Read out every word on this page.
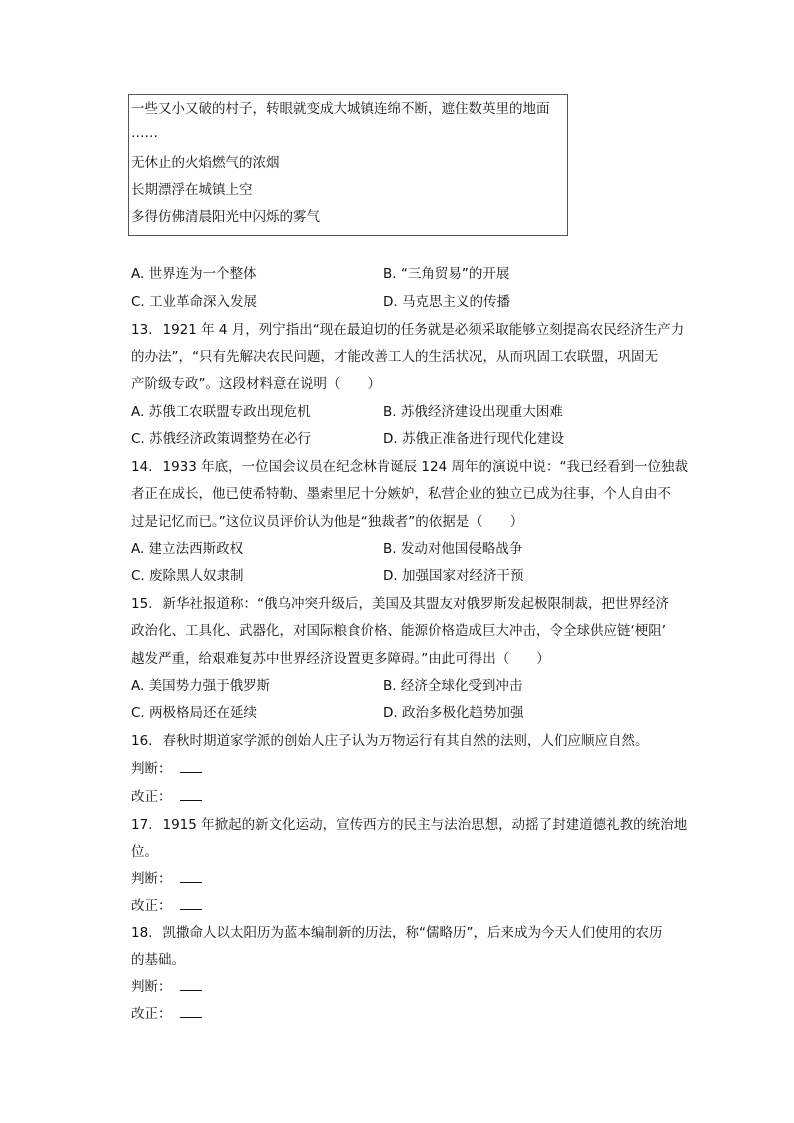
一些又小又破的村子，转眼就变成大城镇连绵不断，遮住数英里的地面
……
无休止的火焰燃气的浓烟
长期漂浮在城镇上空
多得仿佛清晨阳光中闪烁的雾气
A. 世界连为一个整体	B. “三角贸易”的开展
C. 工业革命深入发展	D. 马克思主义的传播
13. 1921 年 4 月，列宁指出“现在最迫切的任务就是必须采取能够立刻提高农民经济生产力
的办法”，“只有先解决农民问题，才能改善工人的生活状况，从而巩固工农联盟，巩固无
产阶级专政”。这段材料意在说明（　　）
A. 苏俄工农联盟专政出现危机	B. 苏俄经济建设出现重大困难
C. 苏俄经济政策调整势在必行	D. 苏俄正准备进行现代化建设
14. 1933 年底，一位国会议员在纪念林肯诞辰 124 周年的演说中说：“我已经看到一位独裁
者正在成长，他已使希特勒、墨索里尼十分嫉妒，私营企业的独立已成为往事，个人自由不
过是记忆而已。”这位议员评价认为他是“独裁者”的依据是（　　）
A. 建立法西斯政权	B. 发动对他国侵略战争
C. 废除黑人奴隶制	D. 加强国家对经济干预
15. 新华社报道称：“俄乌冲突升级后，美国及其盟友对俄罗斯发起极限制裁，把世界经济
政治化、工具化、武器化，对国际粮食价格、能源价格造成巨大冲击，令全球供应链‘梗阻’
越发严重，给艰难复苏中世界经济设置更多障碍。”由此可得出（　　）
A. 美国势力强于俄罗斯	B. 经济全球化受到冲击
C. 两极格局还在延续	D. 政治多极化趋势加强
16. 春秋时期道家学派的创始人庄子认为万物运行有其自然的法则，人们应顺应自然。
判断：
改正：
17. 1915 年掀起的新文化运动，宣传西方的民主与法治思想，动摇了封建道德礼教的统治地
位。
判断：
改正：
18. 凯撒命人以太阳历为蓝本编制新的历法，称“儒略历”，后来成为今天人们使用的农历
的基础。
判断：
改正：
